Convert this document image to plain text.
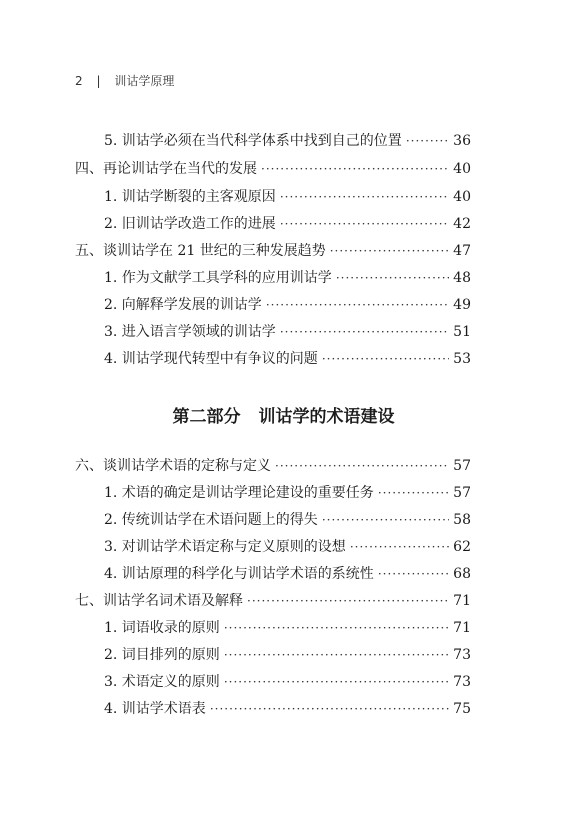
2 | 训诂学原理
5. 训诂学必须在当代科学体系中找到自己的位置 ·····	36
四、再论训诂学在当代的发展 ·····	40
1. 训诂学断裂的主客观原因 ·····	40
2. 旧训诂学改造工作的进展 ·····	42
五、谈训诂学在 21 世纪的三种发展趋势 ·····	47
1. 作为文献学工具学科的应用训诂学 ·····	48
2. 向解释学发展的训诂学 ·····	49
3. 进入语言学领域的训诂学 ·····	51
4. 训诂学现代转型中有争议的问题 ·····	53
第二部分 训诂学的术语建设
六、谈训诂学术语的定称与定义 ·····	57
1. 术语的确定是训诂学理论建设的重要任务 ·····	57
2. 传统训诂学在术语问题上的得失 ·····	58
3. 对训诂学术语定称与定义原则的设想 ·····	62
4. 训诂原理的科学化与训诂学术语的系统性 ·····	68
七、训诂学名词术语及解释 ·····	71
1. 词语收录的原则 ·····	71
2. 词目排列的原则 ·····	73
3. 术语定义的原则 ·····	73
4. 训诂学术语表 ·····	75
